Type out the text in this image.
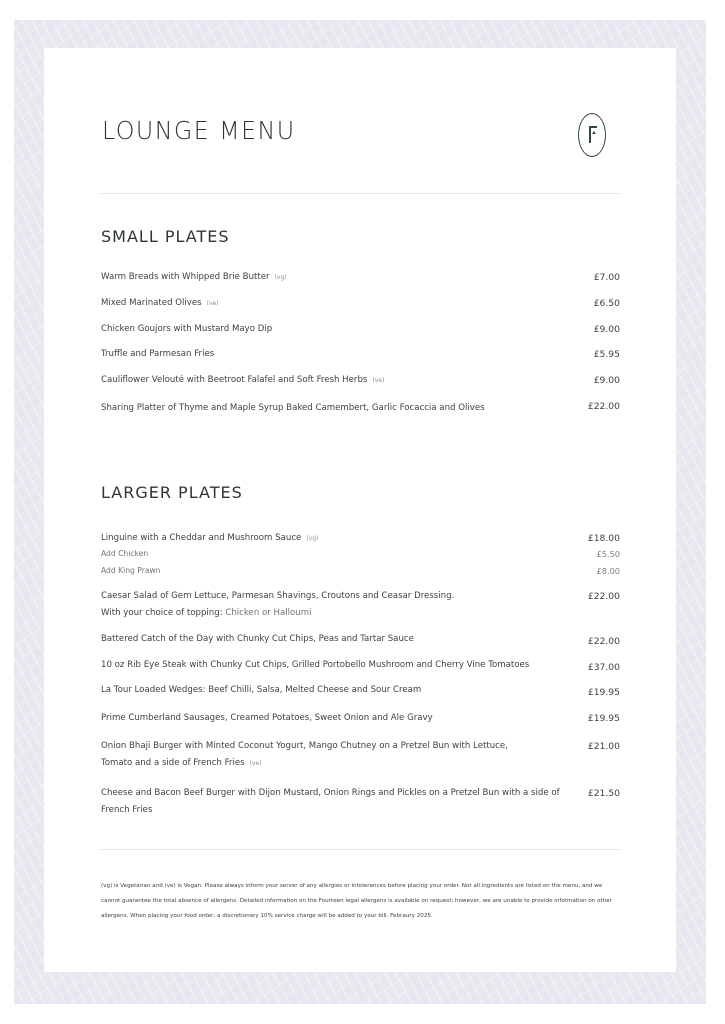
LOUNGE MENU
SMALL PLATES
Warm Breads with Whipped Brie Butter (vg)	£7.00
Mixed Marinated Olives (ve)	£6.50
Chicken Goujors with Mustard Mayo Dip	£9.00
Truffle and Parmesan Fries	£5.95
Cauliflower Velouté with Beetroot Falafel and Soft Fresh Herbs (ve)	£9.00
Sharing Platter of Thyme and Maple Syrup Baked Camembert, Garlic Focaccia and Olives	£22.00
LARGER PLATES
Linguine with a Cheddar and Mushroom Sauce (vg)	£18.00
Add Chicken	£5.50
Add King Prawn	£8.00
Caesar Salad of Gem Lettuce, Parmesan Shavings, Croutons and Ceasar Dressing.
With your choice of topping: Chicken or Halloumi
£22.00
Battered Catch of the Day with Chunky Cut Chips, Peas and Tartar Sauce	£22.00
10 oz Rib Eye Steak with Chunky Cut Chips, Grilled Portobello Mushroom and Cherry Vine Tomatoes	£37.00
La Tour Loaded Wedges: Beef Chilli, Salsa, Melted Cheese and Sour Cream	£19.95
Prime Cumberland Sausages, Creamed Potatoes, Sweet Onion and Ale Gravy	£19.95
Onion Bhaji Burger with Minted Coconut Yogurt, Mango Chutney on a Pretzel Bun with Lettuce,
Tomato and a side of French Fries (ve)
£21.00
Cheese and Bacon Beef Burger with Dijon Mustard, Onion Rings and Pickles on a Pretzel Bun with a side of
French Fries
£21.50
(vg) is Vegetarian and (ve) is Vegan. Please always inform your server of any allergies or intolerances before placing your order. Not all ingredients are listed on the menu, and we cannot guarantee the total absence of allergens. Detailed information on the Fourteen legal allergens is available on request; however, we are unable to provide information on other allergens. When placing your food order, a discretionary 10% service charge will be added to your bill. Febraury 2025.
